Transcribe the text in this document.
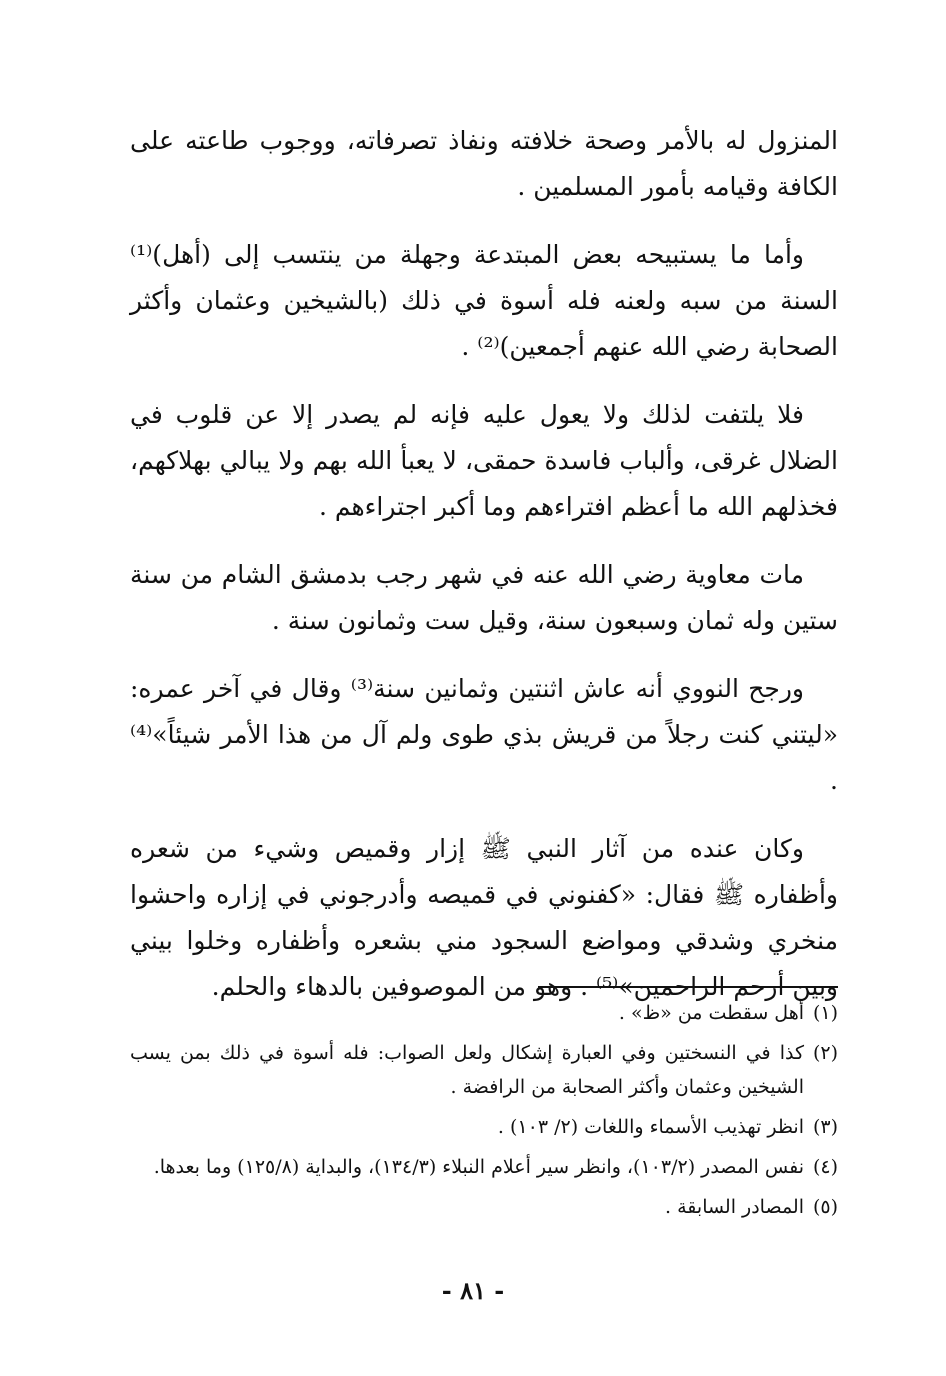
المنزول له بالأمر وصحة خلافته ونفاذ تصرفاته، ووجوب طاعته على الكافة وقيامه بأمور المسلمين .

وأما ما يستبيحه بعض المبتدعة وجهلة من ينتسب إلى (أهل)⁽¹⁾ السنة من سبه ولعنه فله أسوة في ذلك (بالشيخين وعثمان وأكثر الصحابة رضي الله عنهم أجمعين)⁽²⁾ .

فلا يلتفت لذلك ولا يعول عليه فإنه لم يصدر إلا عن قلوب في الضلال غرقى، وألباب فاسدة حمقى، لا يعبأ الله بهم ولا يبالي بهلاكهم، فخذلهم الله ما أعظم افتراءهم وما أكبر اجتراءهم .

مات معاوية رضي الله عنه في شهر رجب بدمشق الشام من سنة ستين وله ثمان وسبعون سنة، وقيل ست وثمانون سنة .

ورجح النووي أنه عاش اثنتين وثمانين سنة⁽³⁾ وقال في آخر عمره: «ليتني كنت رجلاً من قريش بذي طوى ولم آل من هذا الأمر شيئاً»⁽⁴⁾ .

وكان عنده من آثار النبي ﷺ إزار وقميص وشيء من شعره وأظفاره ﷺ فقال: «كفنوني في قميصه وأدرجوني في إزاره واحشوا منخري وشدقي ومواضع السجود مني بشعره وأظفاره وخلوا بيني وبين أرحم الراحمين»⁽⁵⁾ . وهو من الموصوفين بالدهاء والحلم.

(١)
أهل سقطت من «ظ» .
(٢)
كذا في النسختين وفي العبارة إشكال ولعل الصواب: فله أسوة في ذلك بمن يسب الشيخين وعثمان وأكثر الصحابة من الرافضة .
(٣)
انظر تهذيب الأسماء واللغات (٢/ ١٠٣) .
(٤)
نفس المصدر (١٠٣/٢)، وانظر سير أعلام النبلاء (١٣٤/٣)، والبداية (١٢٥/٨) وما بعدها.
(٥)
المصادر السابقة .
- ٨١ -
